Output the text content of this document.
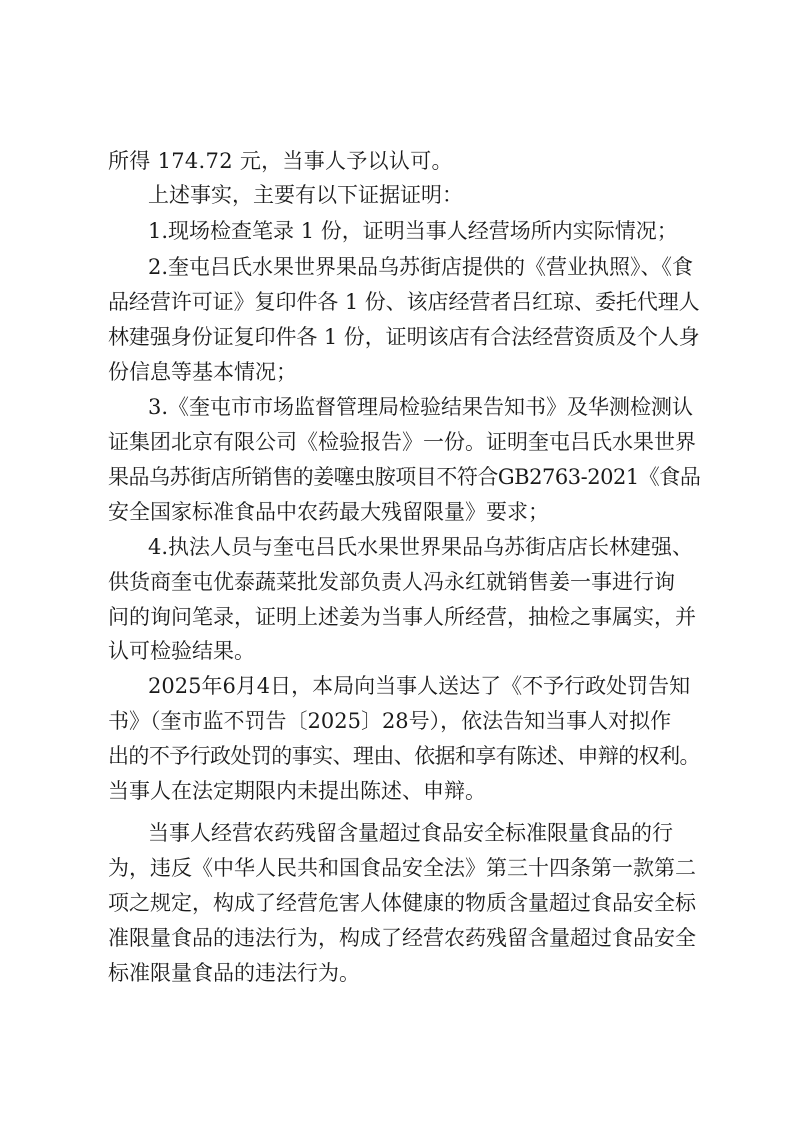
所得 174.72 元，当事人予以认可。

上述事实，主要有以下证据证明：

1.现场检查笔录 1 份，证明当事人经营场所内实际情况；

2.奎屯吕氏水果世界果品乌苏街店提供的《营业执照》、《食

品经营许可证》复印件各 1 份、该店经营者吕红琼、委托代理人

林建强身份证复印件各 1 份，证明该店有合法经营资质及个人身

份信息等基本情况；

3.《奎屯市市场监督管理局检验结果告知书》及华测检测认

证集团北京有限公司《检验报告》一份。证明奎屯吕氏水果世界

果品乌苏街店所销售的姜噻虫胺项目不符合GB2763-2021《食品

安全国家标准食品中农药最大残留限量》要求；

4.执法人员与奎屯吕氏水果世界果品乌苏街店店长林建强、

供货商奎屯优泰蔬菜批发部负责人冯永红就销售姜一事进行询

问的询问笔录，证明上述姜为当事人所经营，抽检之事属实，并

认可检验结果。

2025年6月4日，本局向当事人送达了《不予行政处罚告知

书》（奎市监不罚告〔2025〕28号），依法告知当事人对拟作

出的不予行政处罚的事实、理由、依据和享有陈述、申辩的权利。

当事人在法定期限内未提出陈述、申辩。

当事人经营农药残留含量超过食品安全标准限量食品的行

为，违反《中华人民共和国食品安全法》第三十四条第一款第二

项之规定，构成了经营危害人体健康的物质含量超过食品安全标

准限量食品的违法行为，构成了经营农药残留含量超过食品安全

标准限量食品的违法行为。
